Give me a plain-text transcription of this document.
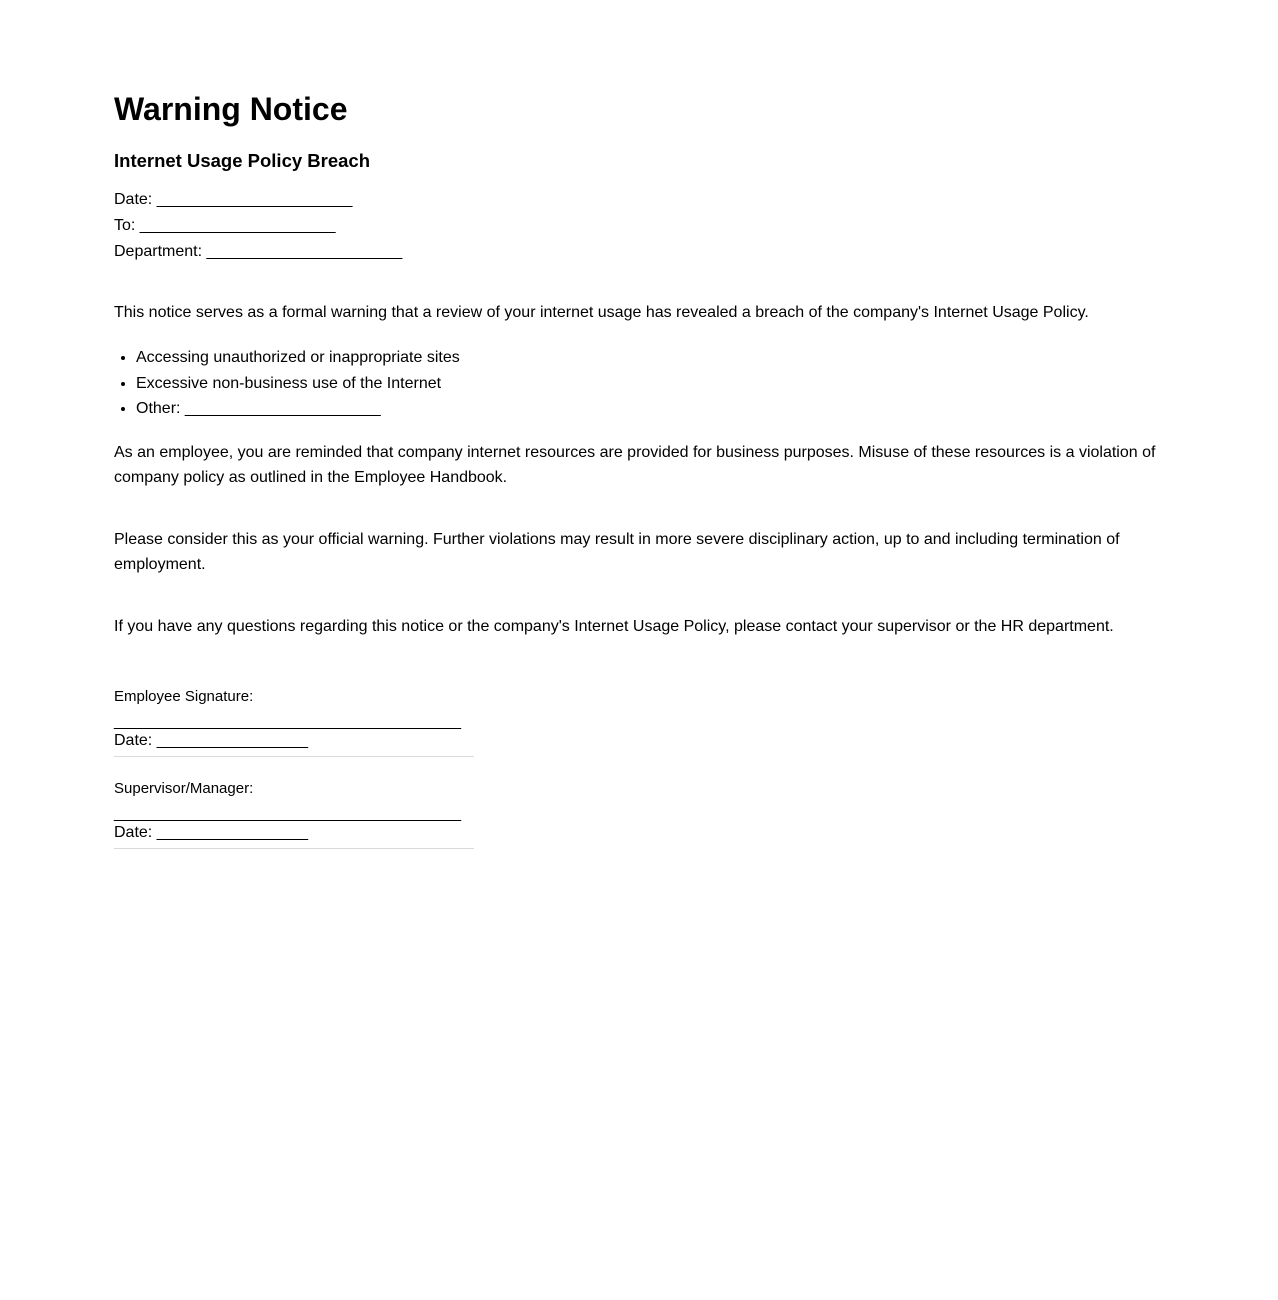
Warning Notice
Internet Usage Policy Breach
Date: ______________________
To: ______________________
Department: ______________________

This notice serves as a formal warning that a review of your internet usage has revealed a breach of the company's Internet Usage Policy.

• Accessing unauthorized or inappropriate sites
• Excessive non-business use of the Internet
• Other: ______________________

As an employee, you are reminded that company internet resources are provided for business purposes. Misuse of these resources is a violation of company policy as outlined in the Employee Handbook.

Please consider this as your official warning. Further violations may result in more severe disciplinary action, up to and including termination of employment.

If you have any questions regarding this notice or the company's Internet Usage Policy, please contact your supervisor or the HR department.

Employee Signature:
_______________________________________
Date: _________________
Supervisor/Manager:
_______________________________________
Date: _________________
